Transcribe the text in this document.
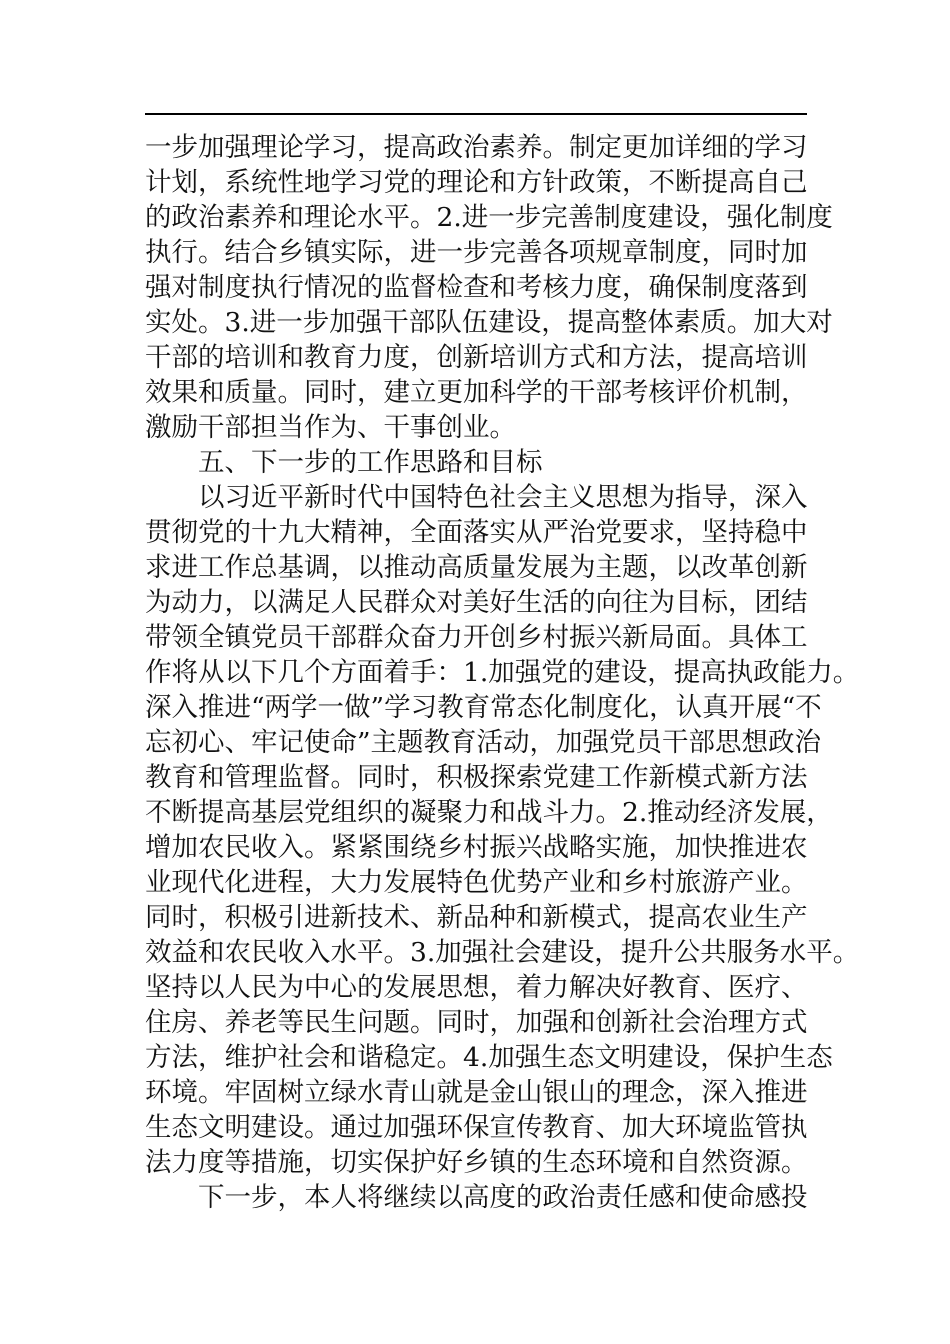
一步加强理论学习，提高政治素养。制定更加详细的学习

计划，系统性地学习党的理论和方针政策，不断提高自己

的政治素养和理论水平。2.进一步完善制度建设，强化制度

执行。结合乡镇实际，进一步完善各项规章制度，同时加

强对制度执行情况的监督检查和考核力度，确保制度落到

实处。3.进一步加强干部队伍建设，提高整体素质。加大对

干部的培训和教育力度，创新培训方式和方法，提高培训

效果和质量。同时，建立更加科学的干部考核评价机制，

激励干部担当作为、干事创业。

五、下一步的工作思路和目标

以习近平新时代中国特色社会主义思想为指导，深入

贯彻党的十九大精神，全面落实从严治党要求，坚持稳中

求进工作总基调，以推动高质量发展为主题，以改革创新

为动力，以满足人民群众对美好生活的向往为目标，团结

带领全镇党员干部群众奋力开创乡村振兴新局面。具体工

作将从以下几个方面着手：1.加强党的建设，提高执政能力。

深入推进“两学一做”学习教育常态化制度化，认真开展“不

忘初心、牢记使命”主题教育活动，加强党员干部思想政治

教育和管理监督。同时，积极探索党建工作新模式新方法

不断提高基层党组织的凝聚力和战斗力。2.推动经济发展，

增加农民收入。紧紧围绕乡村振兴战略实施，加快推进农

业现代化进程，大力发展特色优势产业和乡村旅游产业。

同时，积极引进新技术、新品种和新模式，提高农业生产

效益和农民收入水平。3.加强社会建设，提升公共服务水平。

坚持以人民为中心的发展思想，着力解决好教育、医疗、

住房、养老等民生问题。同时，加强和创新社会治理方式

方法，维护社会和谐稳定。4.加强生态文明建设，保护生态

环境。牢固树立绿水青山就是金山银山的理念，深入推进

生态文明建设。通过加强环保宣传教育、加大环境监管执

法力度等措施，切实保护好乡镇的生态环境和自然资源。

下一步，本人将继续以高度的政治责任感和使命感投
